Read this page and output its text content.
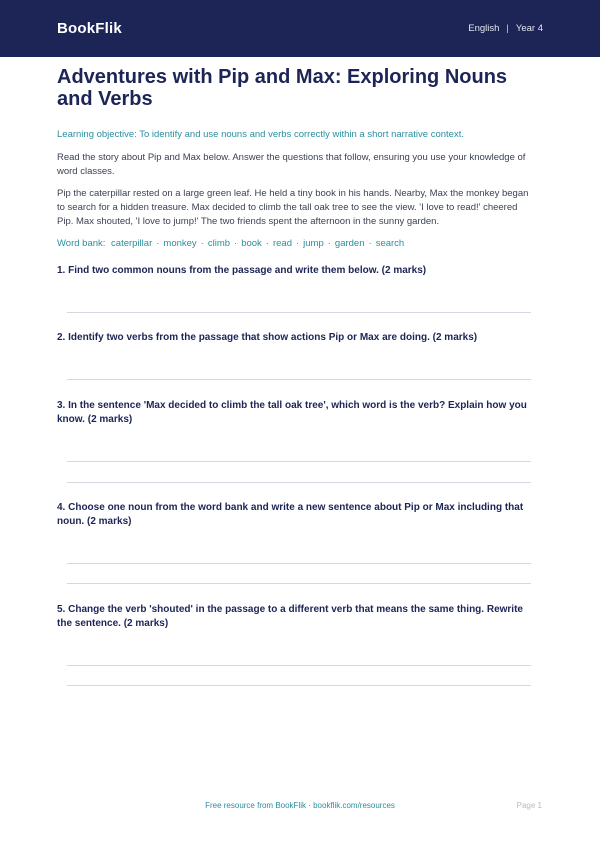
BookFlik	English | Year 4
Adventures with Pip and Max: Exploring Nouns and Verbs

Learning objective: To identify and use nouns and verbs correctly within a short narrative context.

Read the story about Pip and Max below. Answer the questions that follow, ensuring you use your knowledge of word classes.

Pip the caterpillar rested on a large green leaf. He held a tiny book in his hands. Nearby, Max the monkey began to search for a hidden treasure. Max decided to climb the tall oak tree to see the view. 'I love to read!' cheered Pip. Max shouted, 'I love to jump!' The two friends spent the afternoon in the sunny garden.

Word bank: caterpillar · monkey · climb · book · read · jump · garden · search

1. Find two common nouns from the passage and write them below. (2 marks)

2. Identify two verbs from the passage that show actions Pip or Max are doing. (2 marks)

3. In the sentence 'Max decided to climb the tall oak tree', which word is the verb? Explain how you know. (2 marks)

4. Choose one noun from the word bank and write a new sentence about Pip or Max including that noun. (2 marks)

5. Change the verb 'shouted' in the passage to a different verb that means the same thing. Rewrite the sentence. (2 marks)

Free resource from BookFlik · bookflik.com/resources	Page 1
